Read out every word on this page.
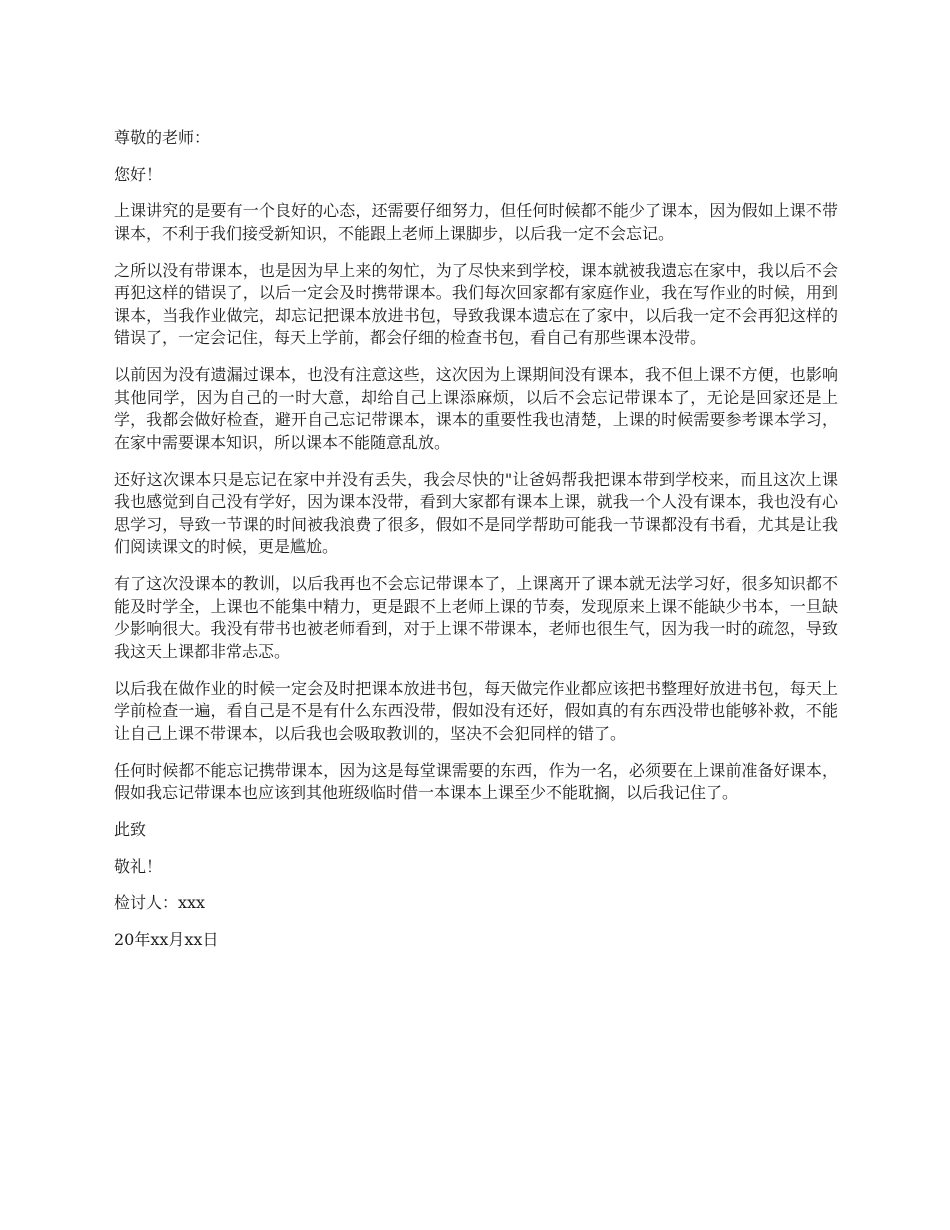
尊敬的老师：

您好！

上课讲究的是要有一个良好的心态，还需要仔细努力，但任何时候都不能少了课本，因为假如上课不带课本，不利于我们接受新知识，不能跟上老师上课脚步，以后我一定不会忘记。

之所以没有带课本，也是因为早上来的匆忙，为了尽快来到学校，课本就被我遗忘在家中，我以后不会再犯这样的错误了，以后一定会及时携带课本。我们每次回家都有家庭作业，我在写作业的时候，用到课本，当我作业做完，却忘记把课本放进书包，导致我课本遗忘在了家中，以后我一定不会再犯这样的错误了，一定会记住，每天上学前，都会仔细的检查书包，看自己有那些课本没带。

以前因为没有遗漏过课本，也没有注意这些，这次因为上课期间没有课本，我不但上课不方便，也影响其他同学，因为自己的一时大意，却给自己上课添麻烦，以后不会忘记带课本了，无论是回家还是上学，我都会做好检查，避开自己忘记带课本，课本的重要性我也清楚，上课的时候需要参考课本学习，在家中需要课本知识，所以课本不能随意乱放。

还好这次课本只是忘记在家中并没有丢失，我会尽快的"让爸妈帮我把课本带到学校来，而且这次上课我也感觉到自己没有学好，因为课本没带，看到大家都有课本上课，就我一个人没有课本，我也没有心思学习，导致一节课的时间被我浪费了很多，假如不是同学帮助可能我一节课都没有书看，尤其是让我们阅读课文的时候，更是尴尬。

有了这次没课本的教训，以后我再也不会忘记带课本了，上课离开了课本就无法学习好，很多知识都不能及时学全，上课也不能集中精力，更是跟不上老师上课的节奏，发现原来上课不能缺少书本，一旦缺少影响很大。我没有带书也被老师看到，对于上课不带课本，老师也很生气，因为我一时的疏忽，导致我这天上课都非常忐忑。

以后我在做作业的时候一定会及时把课本放进书包，每天做完作业都应该把书整理好放进书包，每天上学前检查一遍，看自己是不是有什么东西没带，假如没有还好，假如真的有东西没带也能够补救，不能让自己上课不带课本，以后我也会吸取教训的，坚决不会犯同样的错了。

任何时候都不能忘记携带课本，因为这是每堂课需要的东西，作为一名，必须要在上课前准备好课本，假如我忘记带课本也应该到其他班级临时借一本课本上课至少不能耽搁，以后我记住了。

此致

敬礼！

检讨人：xxx

20年xx月xx日
